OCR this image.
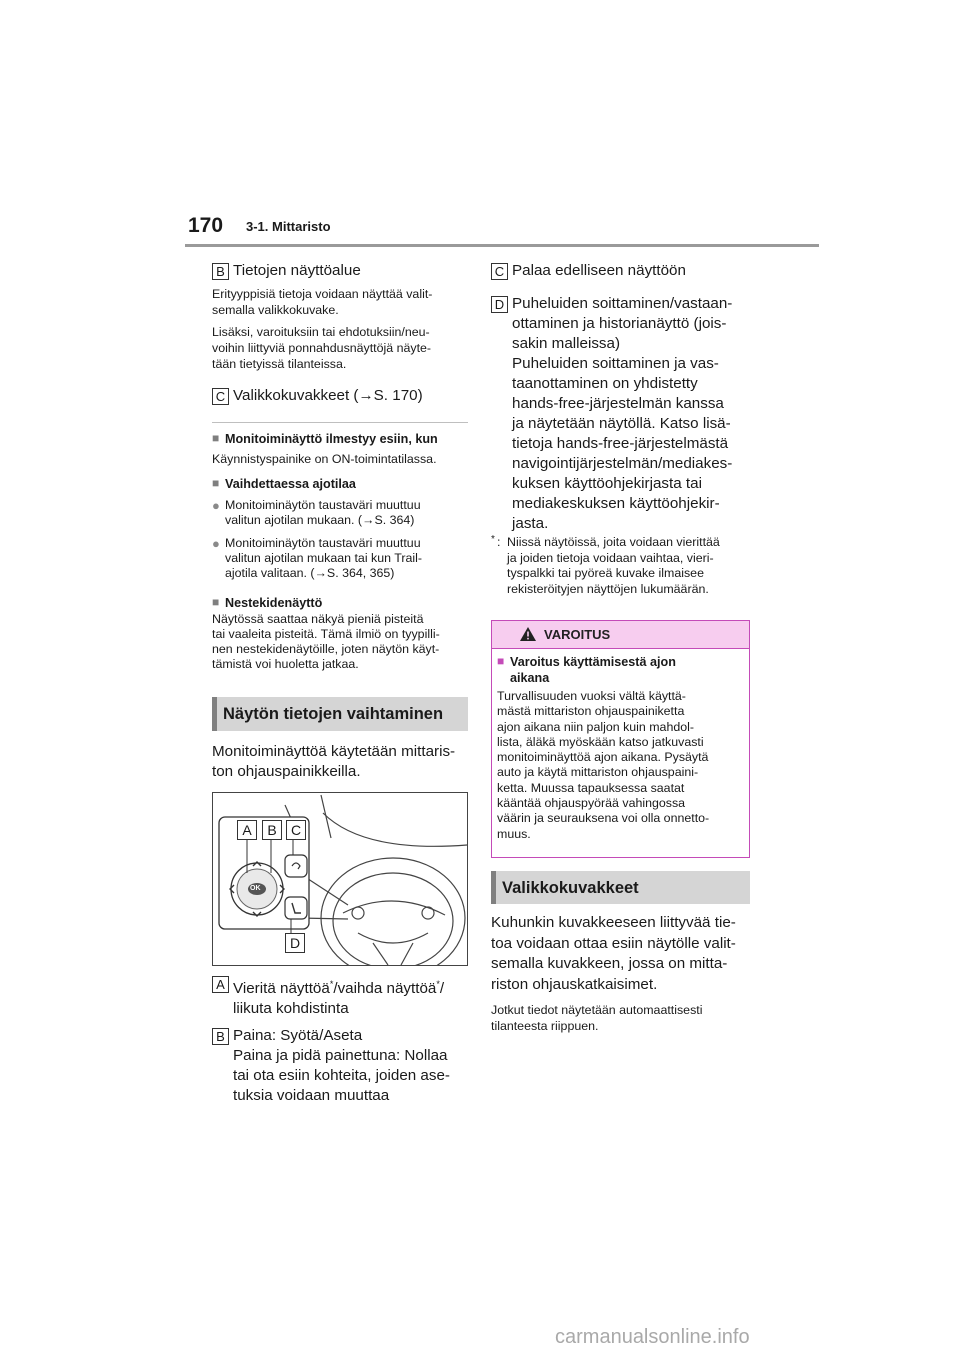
170 3-1. Mittaristo
B Tietojen näyttöalue
Erityyppisiä tietoja voidaan näyttää valit-
semalla valikkokuvake.
Lisäksi, varoituksiin tai ehdotuksiin/neu-
voihin liittyviä ponnahdusnäyttöjä näyte-
tään tietyissä tilanteissa.
C Valikkokuvakkeet (→S. 170)
■ Monitoiminäyttö ilmestyy esiin, kun
Käynnistyspainike on ON-toimintatilassa.
■ Vaihdettaessa ajotilaa
● Monitoiminäytön taustaväri muuttuu
valitun ajotilan mukaan. (→S. 364)
● Monitoiminäytön taustaväri muuttuu
valitun ajotilan mukaan tai kun Trail-
ajotila valitaan. (→S. 364, 365)
■ Nestekidenäyttö
Näytössä saattaa näkyä pieniä pisteitä
tai vaaleita pisteitä. Tämä ilmiö on tyypilli-
nen nestekidenäytöille, joten näytön käyt-
tämistä voi huoletta jatkaa.
Näytön tietojen vaihtaminen
Monitoiminäyttöä käytetään mittaris-
ton ohjauspainikkeilla.
A	B	C
D
OK
A Vieritä näyttöä*/vaihda näyttöä*/
liikuta kohdistinta
B Paina: Syötä/Aseta
Paina ja pidä painettuna: Nollaa
tai ota esiin kohteita, joiden ase-
tuksia voidaan muuttaa
C Palaa edelliseen näyttöön
D Puheluiden soittaminen/vastaan-
ottaminen ja historianäyttö (jois-
sakin malleissa)
Puheluiden soittaminen ja vas-
taanottaminen on yhdistetty
hands-free-järjestelmän kanssa
ja näytetään näytöllä. Katso lisä-
tietoja hands-free-järjestelmästä
navigointijärjestelmän/mediakes-
kuksen käyttöohjekirjasta tai
mediakeskuksen käyttöohjekir-
jasta.
* : Niissä näytöissä, joita voidaan vierittää
ja joiden tietoja voidaan vaihtaa, vieri-
tyspalkki tai pyöreä kuvake ilmaisee
rekisteröityjen näyttöjen lukumäärän.
VAROITUS
■ Varoitus käyttämisestä ajon
aikana
Turvallisuuden vuoksi vältä käyttä-
mästä mittariston ohjauspainiketta
ajon aikana niin paljon kuin mahdol-
lista, äläkä myöskään katso jatkuvasti
monitoiminäyttöä ajon aikana. Pysäytä
auto ja käytä mittariston ohjauspaini-
ketta. Muussa tapauksessa saatat
kääntää ohjauspyörää vahingossa
väärin ja seurauksena voi olla onnetto-
muus.
Valikkokuvakkeet
Kuhunkin kuvakkeeseen liittyvää tie-
toa voidaan ottaa esiin näytölle valit-
semalla kuvakkeen, jossa on mitta-
riston ohjauskatkaisimet.
Jotkut tiedot näytetään automaattisesti
tilanteesta riippuen.
carmanualsonline.info
